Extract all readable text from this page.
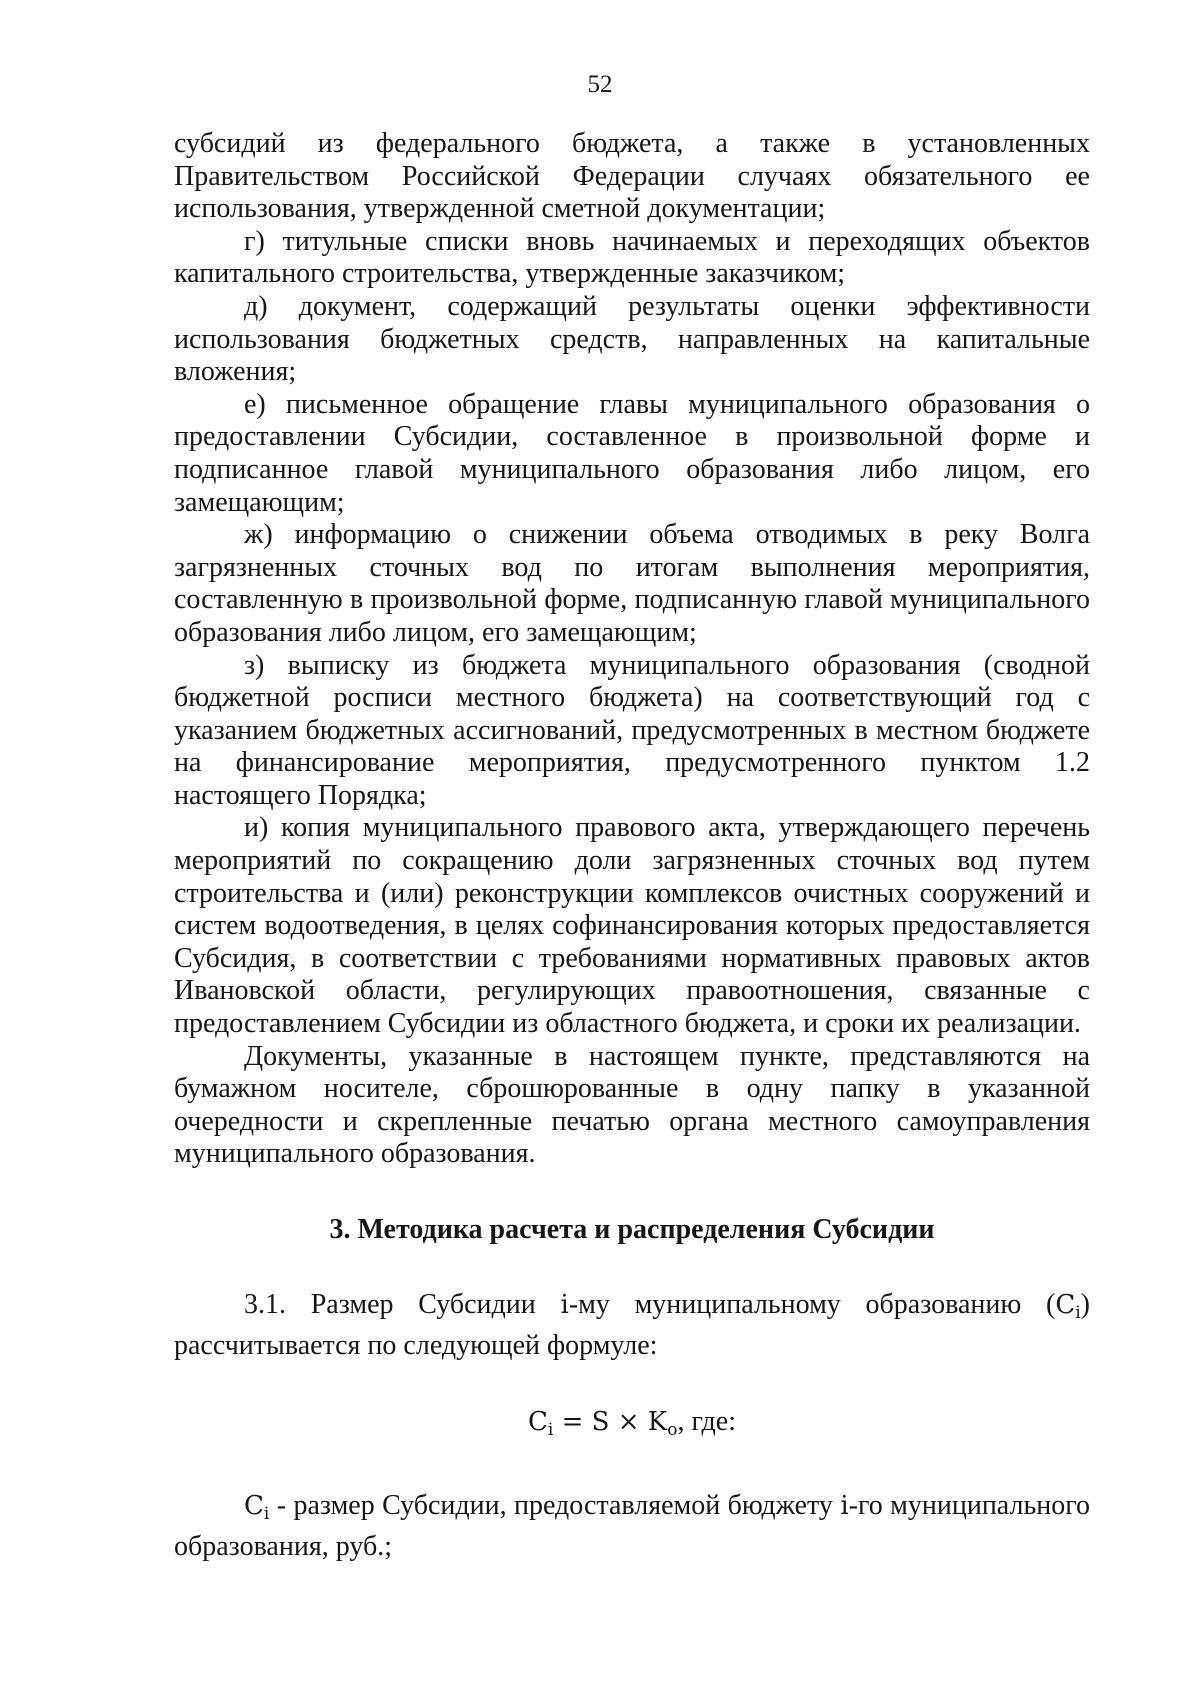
52

субсидий из федерального бюджета, а также в установленных Правительством Российской Федерации случаях обязательного ее использования, утвержденной сметной документации;

г) титульные списки вновь начинаемых и переходящих объектов капитального строительства, утвержденные заказчиком;

д) документ, содержащий результаты оценки эффективности использования бюджетных средств, направленных на капитальные вложения;

е) письменное обращение главы муниципального образования о предоставлении Субсидии, составленное в произвольной форме и подписанное главой муниципального образования либо лицом, его замещающим;

ж) информацию о снижении объема отводимых в реку Волга загрязненных сточных вод по итогам выполнения мероприятия, составленную в произвольной форме, подписанную главой муниципального образования либо лицом, его замещающим;

з) выписку из бюджета муниципального образования (сводной бюджетной росписи местного бюджета) на соответствующий год с указанием бюджетных ассигнований, предусмотренных в местном бюджете на финансирование мероприятия, предусмотренного пунктом 1.2 настоящего Порядка;

и) копия муниципального правового акта, утверждающего перечень мероприятий по сокращению доли загрязненных сточных вод путем строительства и (или) реконструкции комплексов очистных сооружений и систем водоотведения, в целях софинансирования которых предоставляется Субсидия, в соответствии с требованиями нормативных правовых актов Ивановской области, регулирующих правоотношения, связанные с предоставлением Субсидии из областного бюджета, и сроки их реализации.

Документы, указанные в настоящем пункте, представляются на бумажном носителе, сброшюрованные в одну папку в указанной очередности и скрепленные печатью органа местного самоуправления муниципального образования.

3. Методика расчета и распределения Субсидии

3.1. Размер Субсидии i-му муниципальному образованию $(C_i)$ рассчитывается по следующей формуле:

$C_i = S \times K_o$, где:

$C_i$ - размер Субсидии, предоставляемой бюджету i-го муниципального образования, руб.;
